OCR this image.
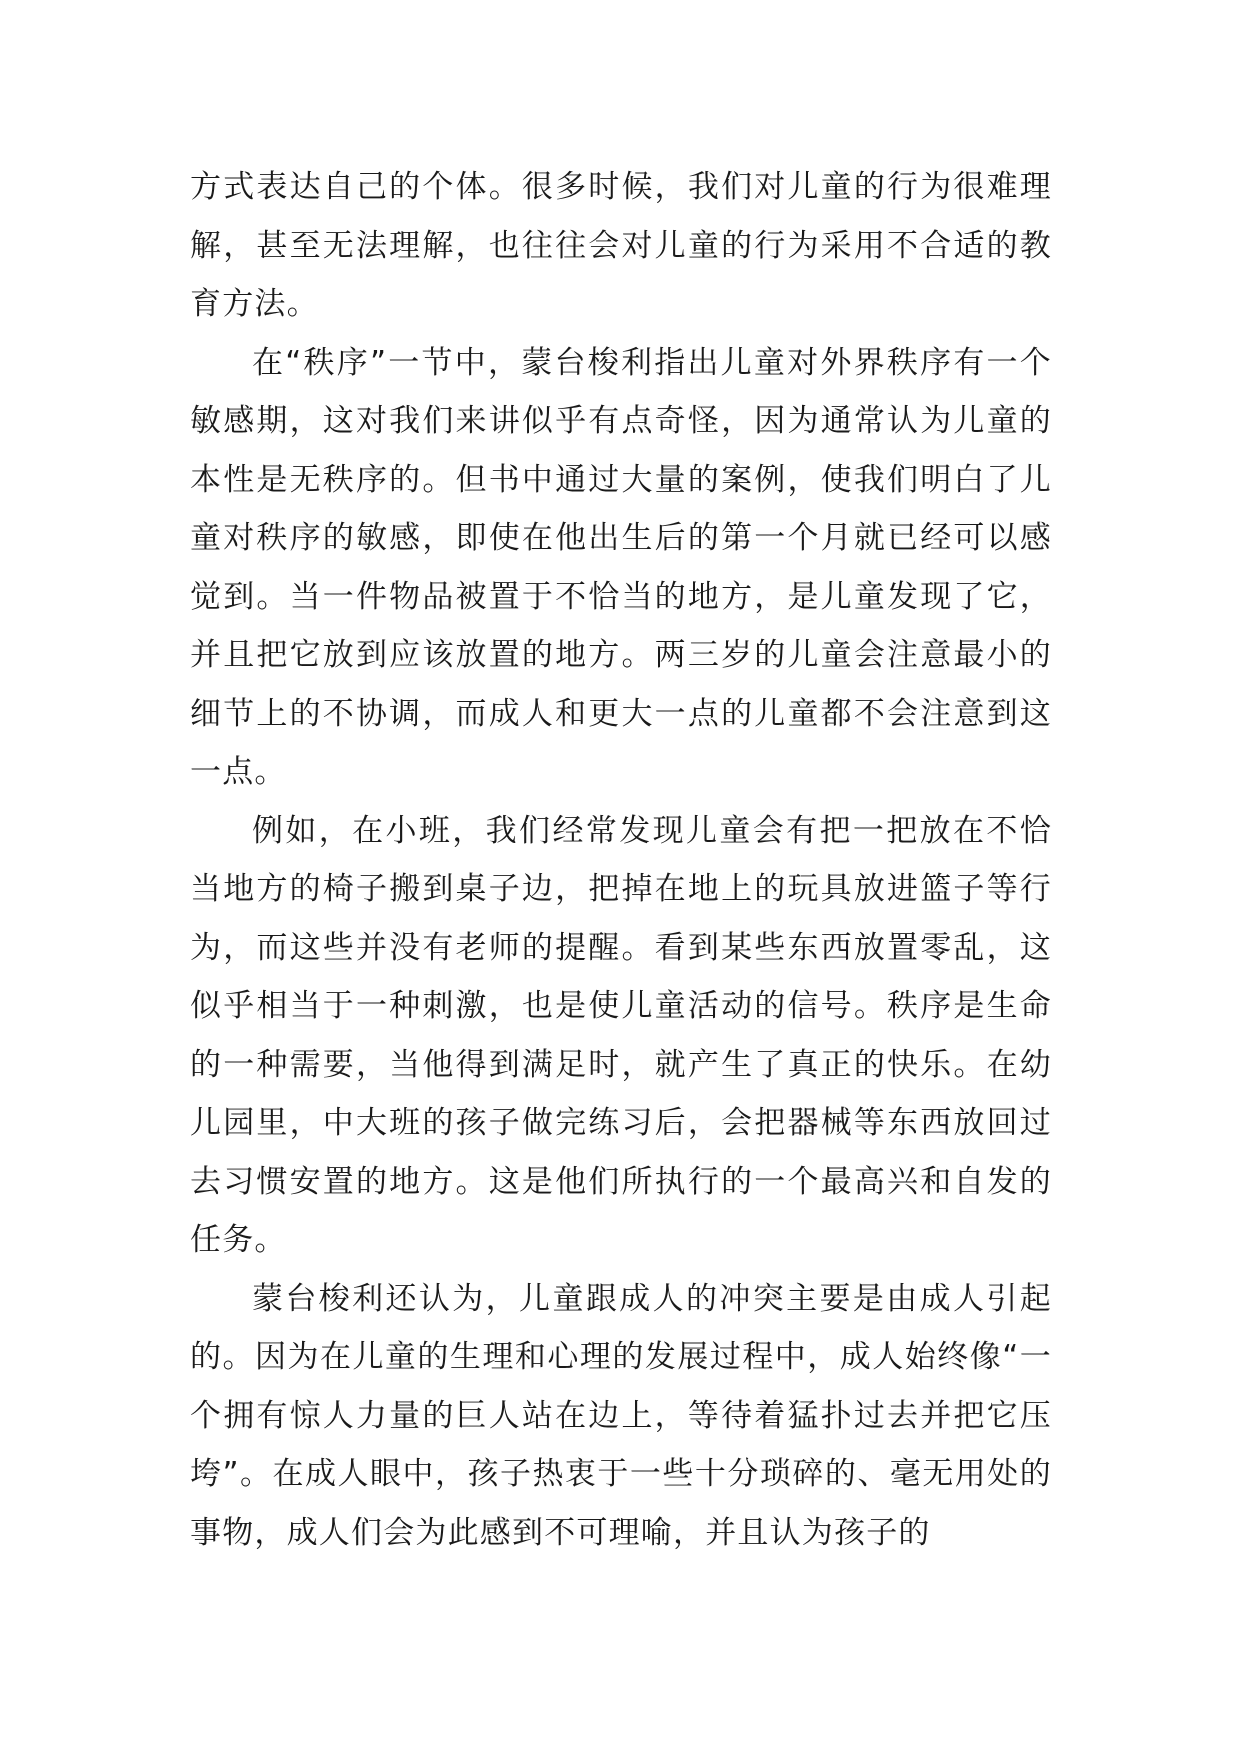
方式表达自己的个体。很多时候，我们对儿童的行为很难理解，甚至无法理解，也往往会对儿童的行为采用不合适的教育方法。

在“秩序”一节中，蒙台梭利指出儿童对外界秩序有一个敏感期，这对我们来讲似乎有点奇怪，因为通常认为儿童的本性是无秩序的。但书中通过大量的案例，使我们明白了儿童对秩序的敏感，即使在他出生后的第一个月就已经可以感觉到。当一件物品被置于不恰当的地方，是儿童发现了它，并且把它放到应该放置的地方。两三岁的儿童会注意最小的细节上的不协调，而成人和更大一点的儿童都不会注意到这一点。

例如，在小班，我们经常发现儿童会有把一把放在不恰当地方的椅子搬到桌子边，把掉在地上的玩具放进篮子等行为，而这些并没有老师的提醒。看到某些东西放置零乱，这似乎相当于一种刺激，也是使儿童活动的信号。秩序是生命的一种需要，当他得到满足时，就产生了真正的快乐。在幼儿园里，中大班的孩子做完练习后，会把器械等东西放回过去习惯安置的地方。这是他们所执行的一个最高兴和自发的任务。

蒙台梭利还认为，儿童跟成人的冲突主要是由成人引起的。因为在儿童的生理和心理的发展过程中，成人始终像“一个拥有惊人力量的巨人站在边上，等待着猛扑过去并把它压垮”。在成人眼中，孩子热衷于一些十分琐碎的、毫无用处的事物，成人们会为此感到不可理喻，并且认为孩子的
